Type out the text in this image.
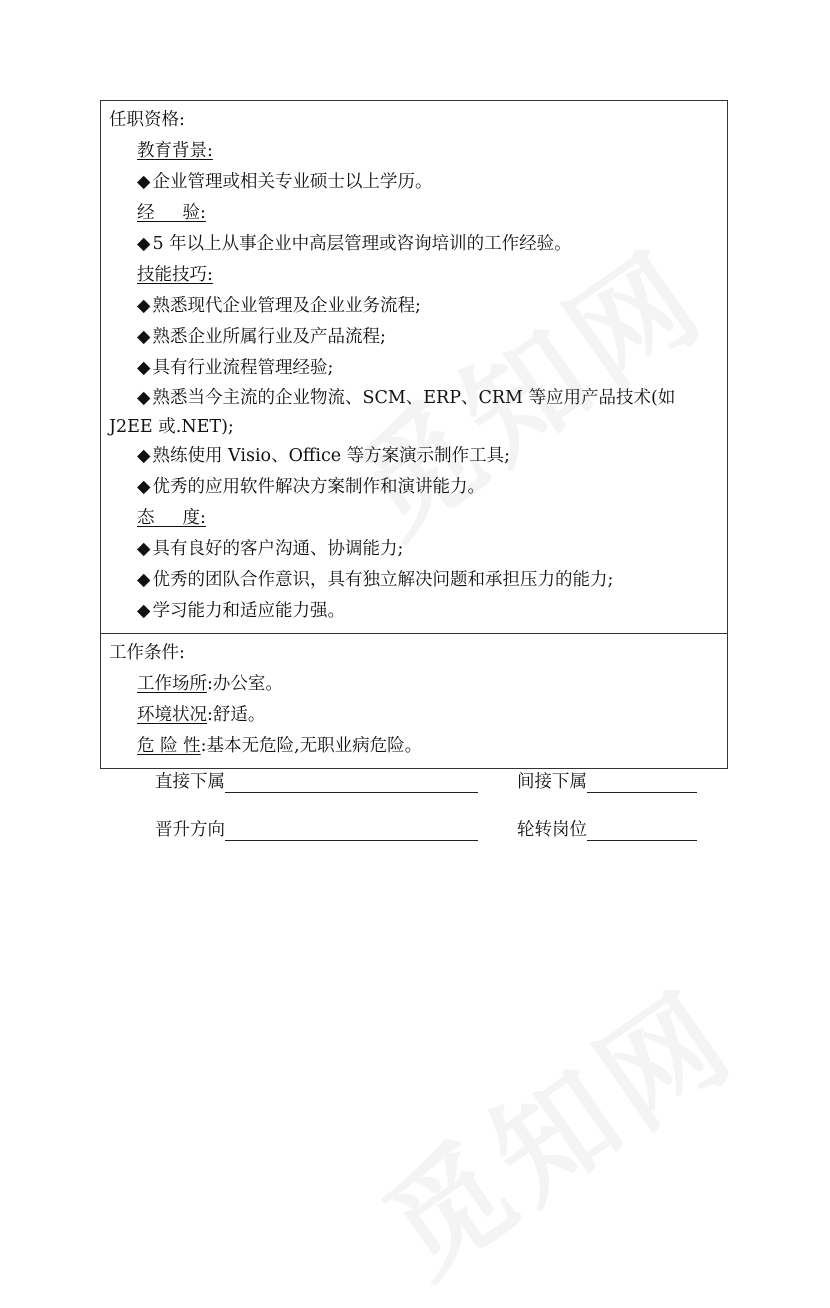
任职资格:
教育背景:
◆ 企业管理或相关专业硕士以上学历。
经验:
◆ 5 年以上从事企业中高层管理或咨询培训的工作经验。
技能技巧:
◆ 熟悉现代企业管理及企业业务流程;
◆ 熟悉企业所属行业及产品流程;
◆ 具有行业流程管理经验;
◆ 熟悉当今主流的企业物流、SCM、ERP、CRM 等应用产品技术(如 J2EE 或.NET);
◆ 熟练使用 Visio、Office 等方案演示制作工具;
◆ 优秀的应用软件解决方案制作和演讲能力。
态度:
◆ 具有良好的客户沟通、协调能力;
◆ 优秀的团队合作意识，具有独立解决问题和承担压力的能力;
◆ 学习能力和适应能力强。

工作条件:
工作场所:办公室。
环境状况:舒适。
危 险 性:基本无危险,无职业病危险。
直接下属	间接下属
晋升方向	轮转岗位
